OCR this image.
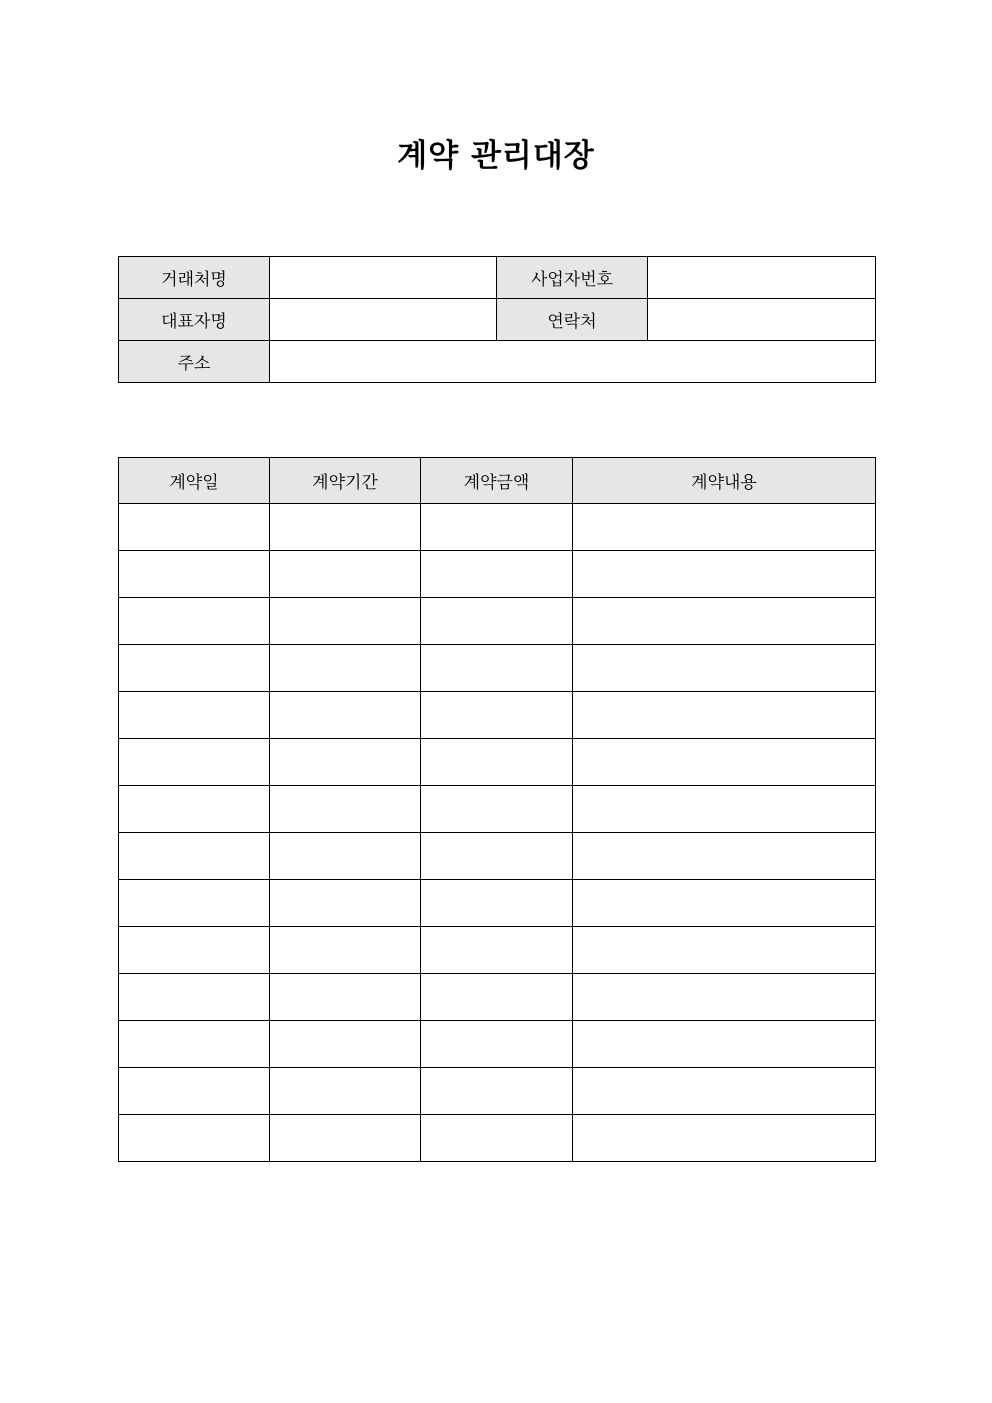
계약 관리대장
거래처명		사업자번호	
대표자명		연락처	
주소			
계약일	계약기간	계약금액	계약내용
